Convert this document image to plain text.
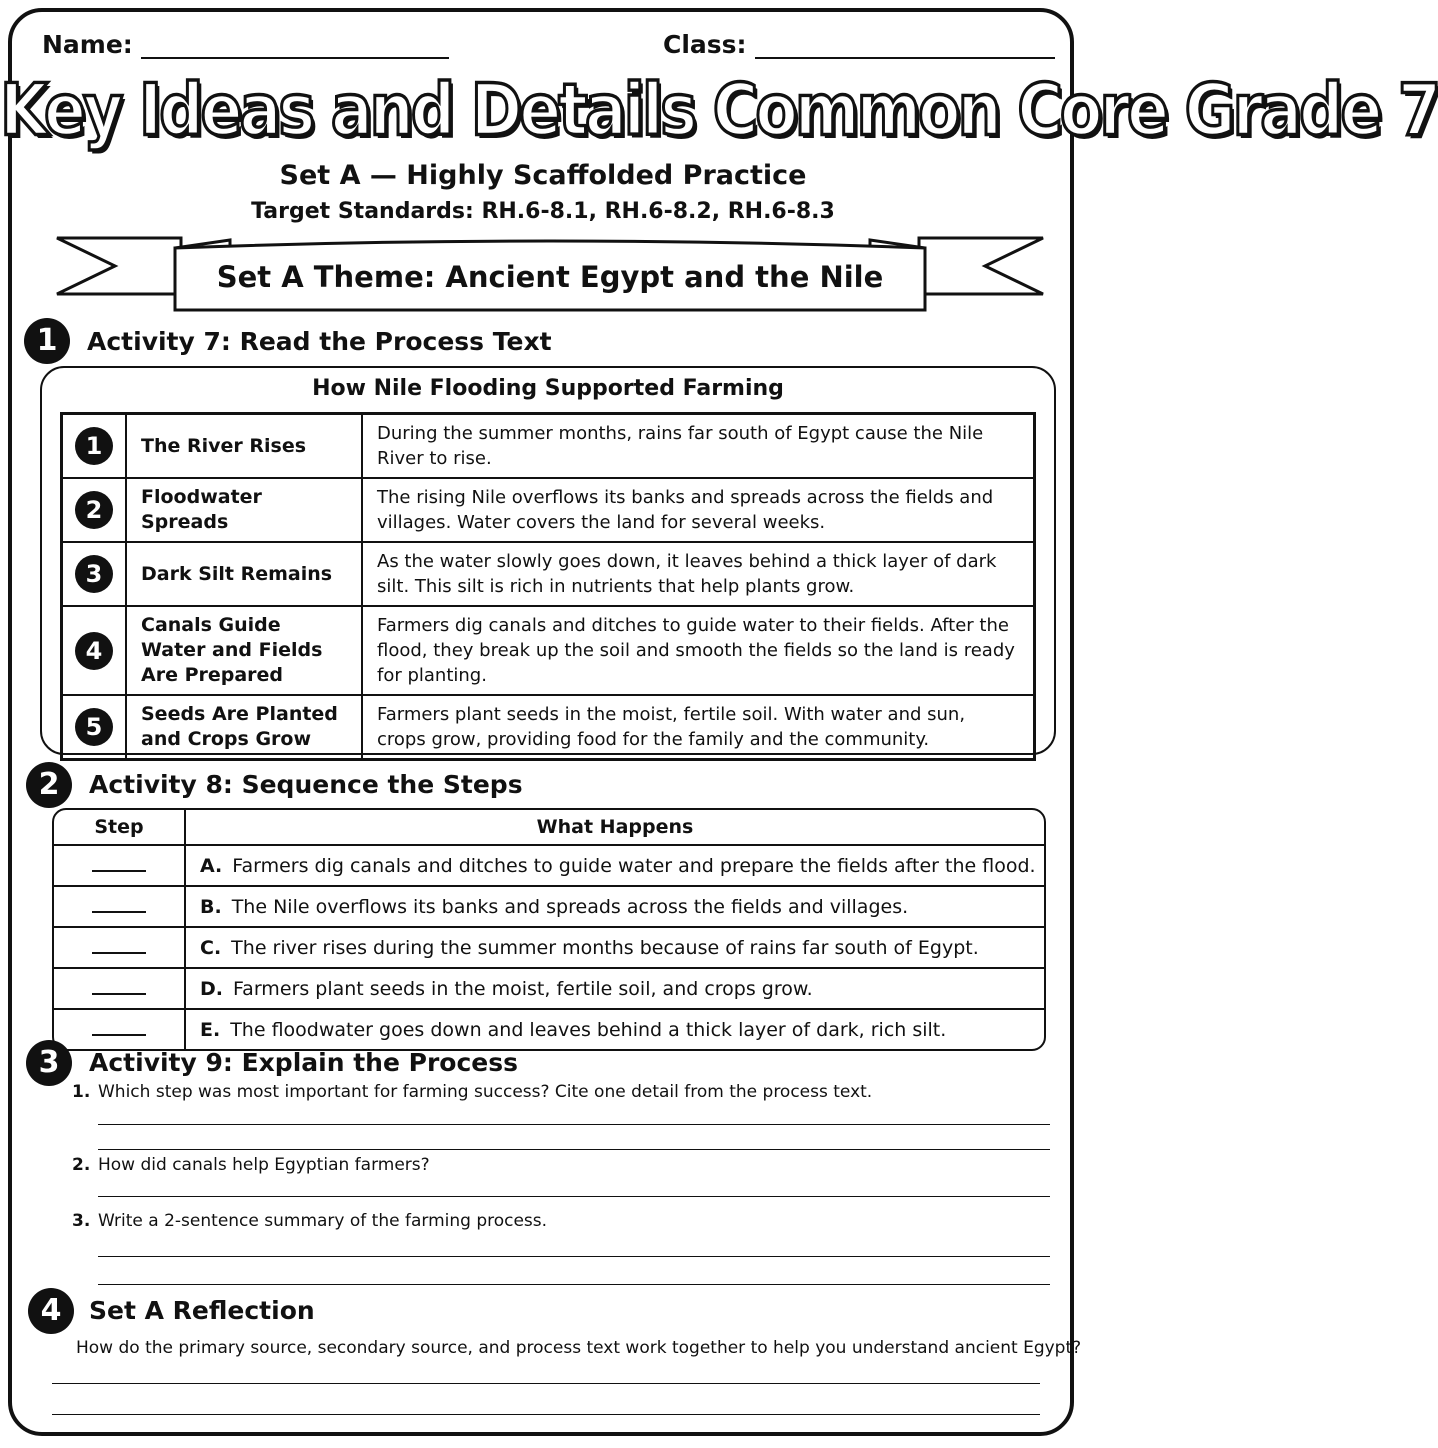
Name:	Class:
Key Ideas and Details Common Core Grade 7
Set A — Highly Scaffolded Practice
Target Standards: RH.6-8.1, RH.6-8.2, RH.6-8.3
Set A Theme: Ancient Egypt and the Nile
1	Activity 7: Read the Process Text
How Nile Flooding Supported Farming
1	The River Rises	During the summer months, rains far south of Egypt cause the Nile River to rise.
2	Floodwater Spreads	The rising Nile overflows its banks and spreads across the fields and villages. Water covers the land for several weeks.
3	Dark Silt Remains	As the water slowly goes down, it leaves behind a thick layer of dark silt. This silt is rich in nutrients that help plants grow.
4	Canals Guide Water and Fields Are Prepared	Farmers dig canals and ditches to guide water to their fields. After the flood, they break up the soil and smooth the fields so the land is ready for planting.
5	Seeds Are Planted and Crops Grow	Farmers plant seeds in the moist, fertile soil. With water and sun, crops grow, providing food for the family and the community.
2	Activity 8: Sequence the Steps
Step	What Happens
	A. Farmers dig canals and ditches to guide water and prepare the fields after the flood.
	B. The Nile overflows its banks and spreads across the fields and villages.
	C. The river rises during the summer months because of rains far south of Egypt.
	D. Farmers plant seeds in the moist, fertile soil, and crops grow.
	E. The floodwater goes down and leaves behind a thick layer of dark, rich silt.
3	Activity 9: Explain the Process
1. Which step was most important for farming success? Cite one detail from the process text.
2. How did canals help Egyptian farmers?
3. Write a 2-sentence summary of the farming process.
4	Set A Reflection
How do the primary source, secondary source, and process text work together to help you understand ancient Egypt?
